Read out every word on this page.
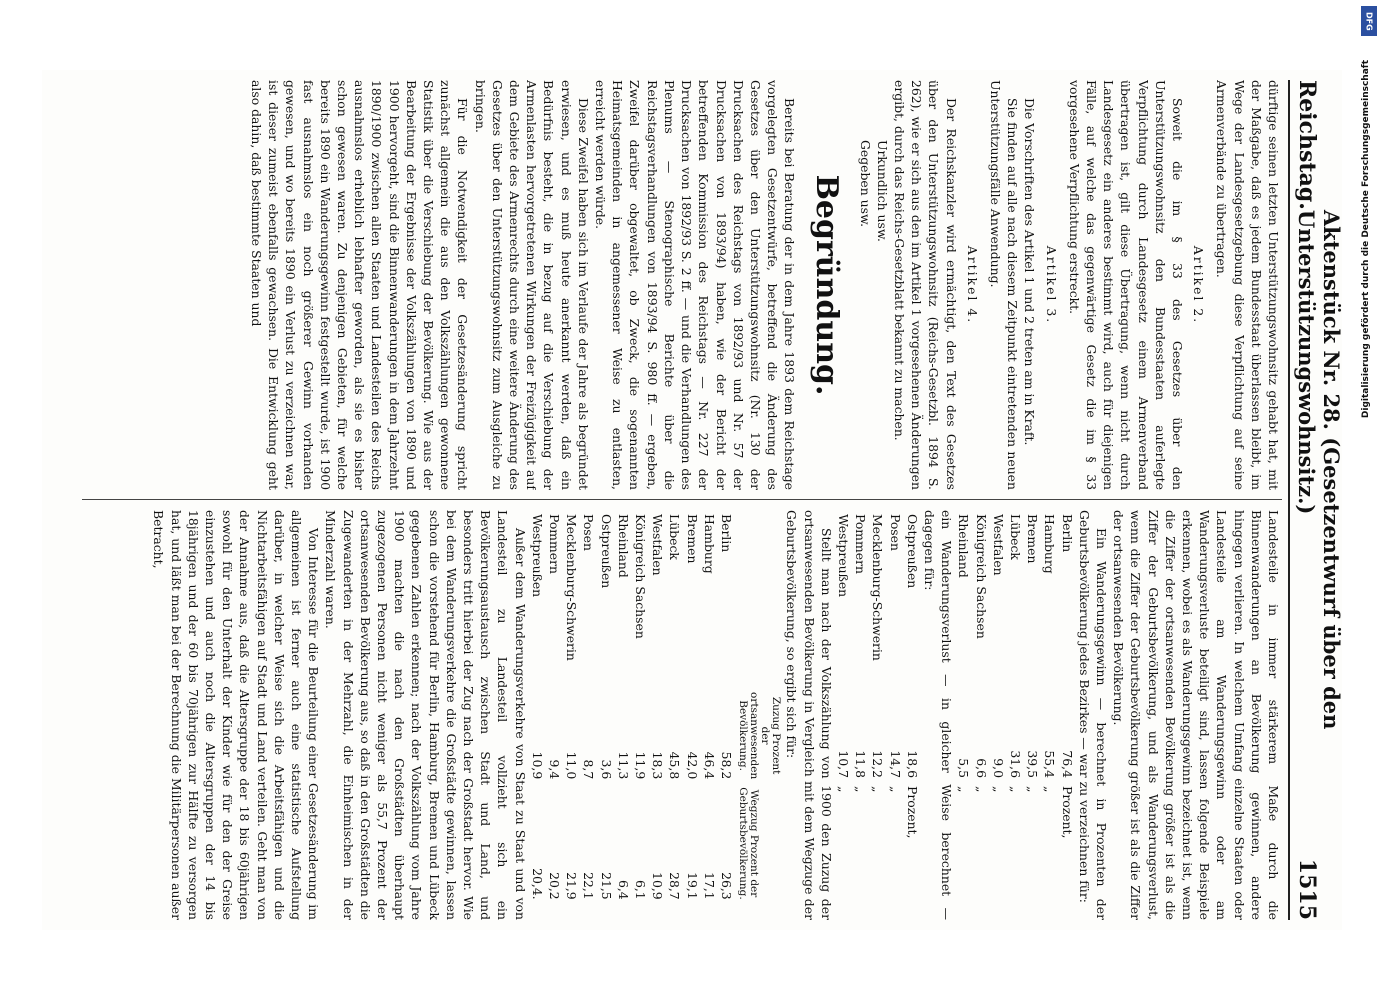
Reichstag.
Aktenstück Nr. 28. (Gesetzentwurf über den Unterstützungswohnsitz.)
1515

dürftige seinen letzten Unterstützungswohnsitz gehabt hat, mit der Maßgabe, daß es jedem Bundesstaat überlassen bleibt, im Wege der Landesgesetzgebung diese Verpflichtung auf seine Armenverbände zu übertragen.

Artikel 2.

Soweit die im § 33 des Gesetzes über den Unterstützungswohnsitz den Bundesstaaten auferlegte Verpflichtung durch Landesgesetz einem Armenverband übertragen ist, gilt diese Übertragung, wenn nicht durch Landesgesetz ein anderes bestimmt wird, auch für diejenigen Fälle, auf welche das gegenwärtige Gesetz die im § 33 vorgesehene Verpflichtung erstreckt.

Artikel 3.

Die Vorschriften des Artikel 1 und 2 treten am in Kraft.

Sie finden auf alle nach diesem Zeitpunkt eintretenden neuen Unterstützungsfälle Anwendung.

Artikel 4.

Der Reichskanzler wird ermächtigt, den Text des Gesetzes über den Unterstützungswohnsitz (Reichs-Gesetzbl. 1894 S. 262), wie er sich aus den im Artikel 1 vorgesehenen Änderungen ergibt, durch das Reichs-Gesetzblatt bekannt zu machen.

Urkundlich usw.
Gegeben usw.
Begründung.

Bereits bei Beratung der in dem Jahre 1893 dem Reichstage vorgelegten Gesetzentwürfe, betreffend die Änderung des Gesetzes über den Unterstützungswohnsitz (Nr. 130 der Drucksachen des Reichstags von 1892/93 und Nr. 57 der Drucksachen von 1893/94) haben, wie der Bericht der betreffenden Kommission des Reichstags — Nr. 227 der Drucksachen von 1892/93 S. 2 ff. — und die Verhandlungen des Plenums — Stenographische Berichte über die Reichstagsverhandlungen von 1893/94 S. 980 ff. — ergeben, Zweifel darüber obgewaltet, ob Zweck, die sogenannten Heimatsgemeinden in angemessener Weise zu entlasten, erreicht werden würde.

Diese Zweifel haben sich im Verlaufe der Jahre als begründet erwiesen, und es muß heute anerkannt werden, daß ein Bedürfnis besteht, die in bezug auf die Verschiebung der Armenlasten hervorgetretenen Wirkungen der Freizügigkeit auf dem Gebiete des Armenrechts durch eine weitere Änderung des Gesetzes über den Unterstützungswohnsitz zum Ausgleiche zu bringen.

Für die Notwendigkeit der Gesetzesänderung spricht zunächst allgemein die aus den Volkszählungen gewonnene Statistik über die Verschiebung der Bevölkerung. Wie aus der Bearbeitung der Ergebnisse der Volkszählungen von 1890 und 1900 hervorgeht, sind die Binnenwanderungen in dem Jahrzehnt 1890/1900 zwischen allen Staaten und Landesteilen des Reichs ausnahmslos erheblich lebhafter geworden, als sie es bisher schon gewesen waren. Zu denjenigen Gebieten, für welche bereits 1890 ein Wanderungsgewinn festgestellt wurde, ist 1900 fast ausnahmslos ein noch größerer Gewinn vorhanden gewesen, und wo bereits 1890 ein Verlust zu verzeichnen war, ist dieser zumeist ebenfalls gewachsen. Die Entwicklung geht also dahin, daß bestimmte Staaten und

Landesteile in immer stärkerem Maße durch die Binnenwanderungen an Bevölkerung gewinnen, andere hingegen verlieren. In welchem Umfang einzelne Staaten oder Landesteile am Wanderungsgewinn oder am Wanderungsverluste beteiligt sind, lassen folgende Beispiele erkennen, wobei es als Wanderungsgewinn bezeichnet ist, wenn die Ziffer der ortsanwesenden Bevölkerung größer ist als die Ziffer der Geburtsbevölkerung, und als Wanderungsverlust, wenn die Ziffer der Geburtsbevölkerung größer ist als die Ziffer der ortsanwesenden Bevölkerung.

Ein Wanderungsgewinn — berechnet in Prozenten der Geburtsbevölkerung jedes Bezirkes — war zu verzeichnen für:

Berlin	76,4	Prozent,
Hamburg	55,4	„
Bremen	39,5	„
Lübeck	31,6	„
Westfalen	9,0	„
Königreich Sachsen	6,6	„
Rheinland	5,5	„

ein Wanderungsverlust — in gleicher Weise berechnet — dagegen für:

Ostpreußen	18,6	Prozent,
Posen	14,7	„
Mecklenburg-Schwerin	12,2	„
Pommern	11,8	„
Westpreußen	10,7	„

Stellt man nach der Volkszählung von 1900 den Zuzug der ortsanwesenden Bevölkerung in Vergleich mit dem Wegzuge der Geburtsbevölkerung, so ergibt sich für:

	Zuzug Prozent der ortsanwesenden Bevölkerung.	Wegzug Prozent der Geburtsbevölkerung.
Berlin	58,2	26,3
Hamburg	46,4	17,1
Bremen	42,0	19,1
Lübeck	45,8	28,7
Westfalen	18,3	10,9
Königreich Sachsen	11,9	6,1
Rheinland	11,3	6,4
Ostpreußen	3,6	21,5
Posen	8,7	22,1
Mecklenburg-Schwerin	11,0	21,9
Pommern	9,4	20,2
Westpreußen	10,9	20,4.

Außer dem Wanderungsverkehre von Staat zu Staat und von Landesteil zu Landesteil vollzieht sich ein Bevölkerungsaustausch zwischen Stadt und Land, und besonders tritt hierbei der Zug nach der Großstadt hervor. Wie bei dem Wanderungsverkehre die Großstädte gewinnen, lassen schon die vorstehend für Berlin, Hamburg, Bremen und Lübeck gegebenen Zahlen erkennen; nach der Volkszählung vom Jahre 1900 machten die nach den Großstädten überhaupt zugezogenen Personen nicht weniger als 55,7 Prozent der ortsanwesenden Bevölkerung aus, so daß in den Großstädten die Zugewanderten in der Mehrzahl, die Einheimischen in der Minderzahl waren.

Von Interesse für die Beurteilung einer Gesetzesänderung im allgemeinen ist ferner auch eine statistische Aufstellung darüber, in welcher Weise sich die Arbeitsfähigen und die Nichtarbeitsfähigen auf Stadt und Land verteilen. Geht man von der Annahme aus, daß die Altersgruppe der 18 bis 60jährigen sowohl für den Unterhalt der Kinder wie für den der Greise einzustehen und auch noch die Altersgruppen der 14 bis 18jährigen und der 60 bis 70jährigen zur Hälfte zu versorgen hat, und läßt man bei der Berechnung die Militärpersonen außer Betracht,

DFG
Digitalisierung gefördert durch die Deutsche Forschungsgemeinschaft
